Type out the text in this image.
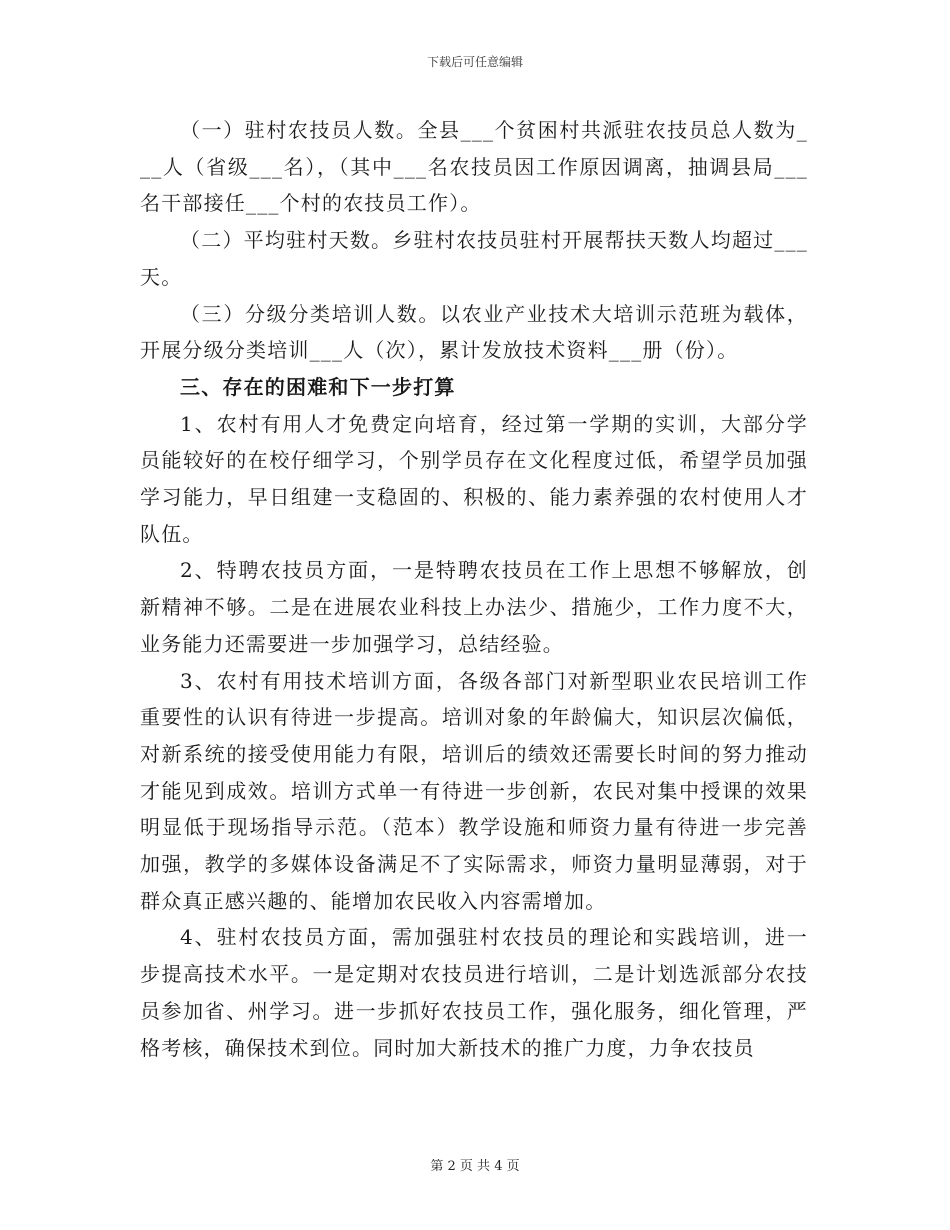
下载后可任意编辑

（一）驻村农技员人数。全县___个贫困村共派驻农技员总人数为___人（省级___名），（其中___名农技员因工作原因调离，抽调县局___名干部接任___个村的农技员工作）。

（二）平均驻村天数。乡驻村农技员驻村开展帮扶天数人均超过___天。

（三）分级分类培训人数。以农业产业技术大培训示范班为载体，开展分级分类培训___人（次），累计发放技术资料___册（份）。

三、存在的困难和下一步打算

1、农村有用人才免费定向培育，经过第一学期的实训，大部分学员能较好的在校仔细学习，个别学员存在文化程度过低，希望学员加强学习能力，早日组建一支稳固的、积极的、能力素养强的农村使用人才队伍。

2、特聘农技员方面，一是特聘农技员在工作上思想不够解放，创新精神不够。二是在进展农业科技上办法少、措施少，工作力度不大，业务能力还需要进一步加强学习，总结经验。

3、农村有用技术培训方面，各级各部门对新型职业农民培训工作重要性的认识有待进一步提高。培训对象的年龄偏大，知识层次偏低，对新系统的接受使用能力有限，培训后的绩效还需要长时间的努力推动才能见到成效。培训方式单一有待进一步创新，农民对集中授课的效果明显低于现场指导示范。（范本）教学设施和师资力量有待进一步完善加强，教学的多媒体设备满足不了实际需求，师资力量明显薄弱，对于群众真正感兴趣的、能增加农民收入内容需增加。

4、驻村农技员方面，需加强驻村农技员的理论和实践培训，进一步提高技术水平。一是定期对农技员进行培训，二是计划选派部分农技员参加省、州学习。进一步抓好农技员工作，强化服务，细化管理，严格考核，确保技术到位。同时加大新技术的推广力度，力争农技员

第 2 页 共 4 页
